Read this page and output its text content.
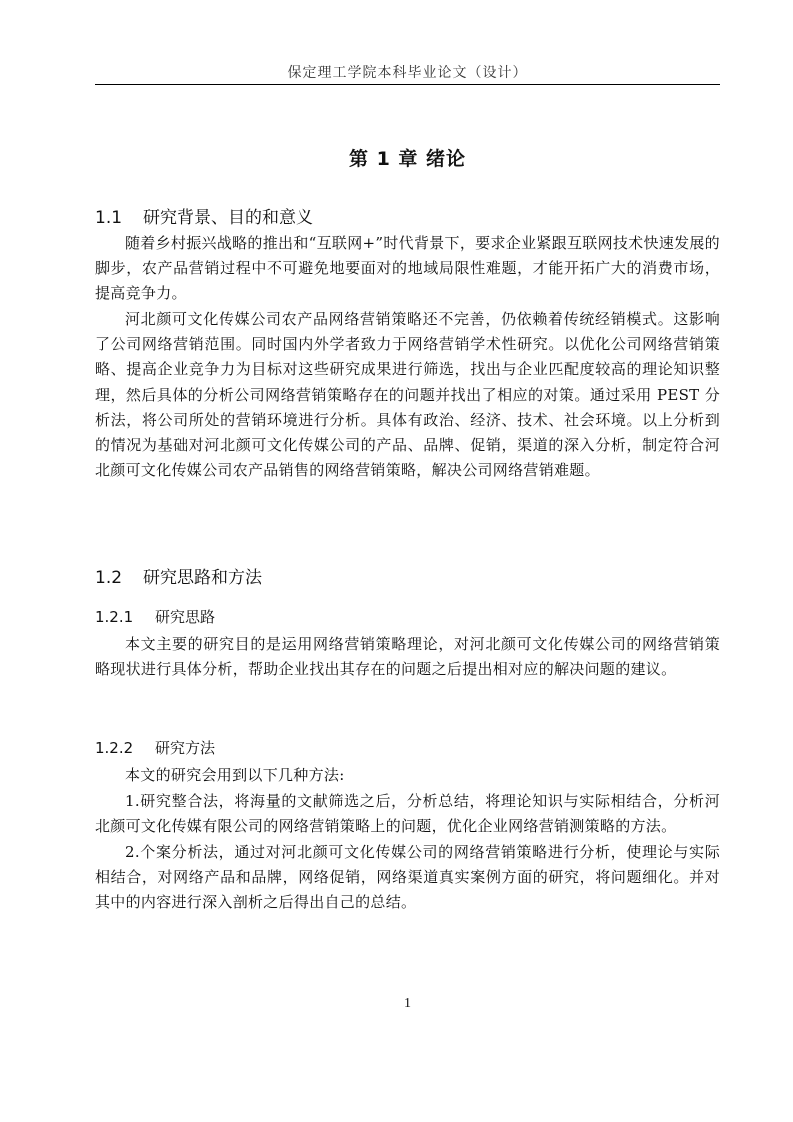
保定理工学院本科毕业论文（设计）
第 1 章 绪论
1.1 研究背景、目的和意义

随着乡村振兴战略的推出和“互联网+”时代背景下，要求企业紧跟互联网技术快速发展的脚步，农产品营销过程中不可避免地要面对的地域局限性难题，才能开拓广大的消费市场，提高竞争力。

河北颜可文化传媒公司农产品网络营销策略还不完善，仍依赖着传统经销模式。这影响了公司网络营销范围。同时国内外学者致力于网络营销学术性研究。以优化公司网络营销策略、提高企业竞争力为目标对这些研究成果进行筛选，找出与企业匹配度较高的理论知识整理，然后具体的分析公司网络营销策略存在的问题并找出了相应的对策。通过采用 PEST 分析法，将公司所处的营销环境进行分析。具体有政治、经济、技术、社会环境。以上分析到的情况为基础对河北颜可文化传媒公司的产品、品牌、促销，渠道的深入分析，制定符合河北颜可文化传媒公司农产品销售的网络营销策略，解决公司网络营销难题。

1.2 研究思路和方法
1.2.1 研究思路

本文主要的研究目的是运用网络营销策略理论，对河北颜可文化传媒公司的网络营销策略现状进行具体分析，帮助企业找出其存在的问题之后提出相对应的解决问题的建议。

1.2.2 研究方法

本文的研究会用到以下几种方法:

1.研究整合法，将海量的文献筛选之后，分析总结，将理论知识与实际相结合，分析河北颜可文化传媒有限公司的网络营销策略上的问题，优化企业网络营销测策略的方法。

2.个案分析法，通过对河北颜可文化传媒公司的网络营销策略进行分析，使理论与实际相结合，对网络产品和品牌，网络促销，网络渠道真实案例方面的研究，将问题细化。并对其中的内容进行深入剖析之后得出自己的总结。

1
